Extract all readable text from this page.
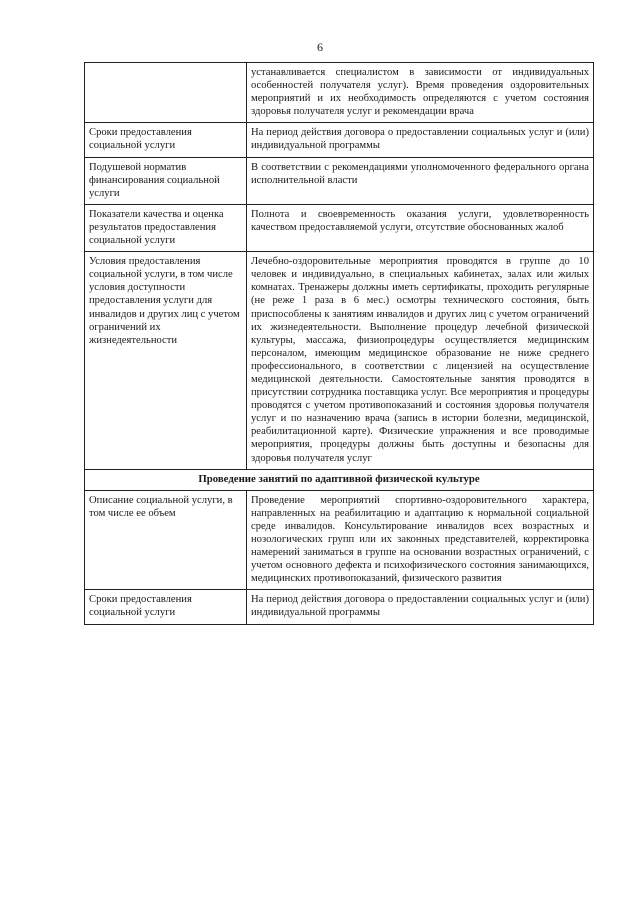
6
	устанавливается специалистом в зависимости от индивидуальных особенностей получателя услуг). Время проведения оздоровительных мероприятий и их необходимость определяются с учетом состояния здоровья получателя услуг и рекомендации врача
Сроки предоставления социальной услуги	На период действия договора о предоставлении социальных услуг и (или) индивидуальной программы
Подушевой норматив финансирования социальной услуги	В соответствии с рекомендациями уполномоченного федерального органа исполнительной власти
Показатели качества и оценка результатов предоставления социальной услуги	Полнота и своевременность оказания услуги, удовлетворенность качеством предоставляемой услуги, отсутствие обоснованных жалоб
Условия предоставления социальной услуги, в том числе условия доступности предоставления услуги для инвалидов и других лиц с учетом ограничений их жизнедеятельности	Лечебно-оздоровительные мероприятия проводятся в группе до 10 человек и индивидуально, в специальных кабинетах, залах или жилых комнатах. Тренажеры должны иметь сертификаты, проходить регулярные (не реже 1 раза в 6 мес.) осмотры технического состояния, быть приспособлены к занятиям инвалидов и других лиц с учетом ограничений их жизнедеятельности. Выполнение процедур лечебной физической культуры, массажа, физиопроцедуры осуществляется медицинским персоналом, имеющим медицинское образование не ниже среднего профессионального, в соответствии с лицензией на осуществление медицинской деятельности. Самостоятельные занятия проводятся в присутствии сотрудника поставщика услуг. Все мероприятия и процедуры проводятся с учетом противопоказаний и состояния здоровья получателя услуг и по назначению врача (запись в истории болезни, медицинской, реабилитационной карте). Физические упражнения и все проводимые мероприятия, процедуры должны быть доступны и безопасны для здоровья получателя услуг
Проведение занятий по адаптивной физической культуре	
Описание социальной услуги, в том числе ее объем	Проведение мероприятий спортивно-оздоровительного характера, направленных на реабилитацию и адаптацию к нормальной социальной среде инвалидов. Консультирование инвалидов всех возрастных и нозологических групп или их законных представителей, корректировка намерений заниматься в группе на основании возрастных ограничений, с учетом основного дефекта и психофизического состояния занимающихся, медицинских противопоказаний, физического развития
Сроки предоставления социальной услуги	На период действия договора о предоставлении социальных услуг и (или) индивидуальной программы
